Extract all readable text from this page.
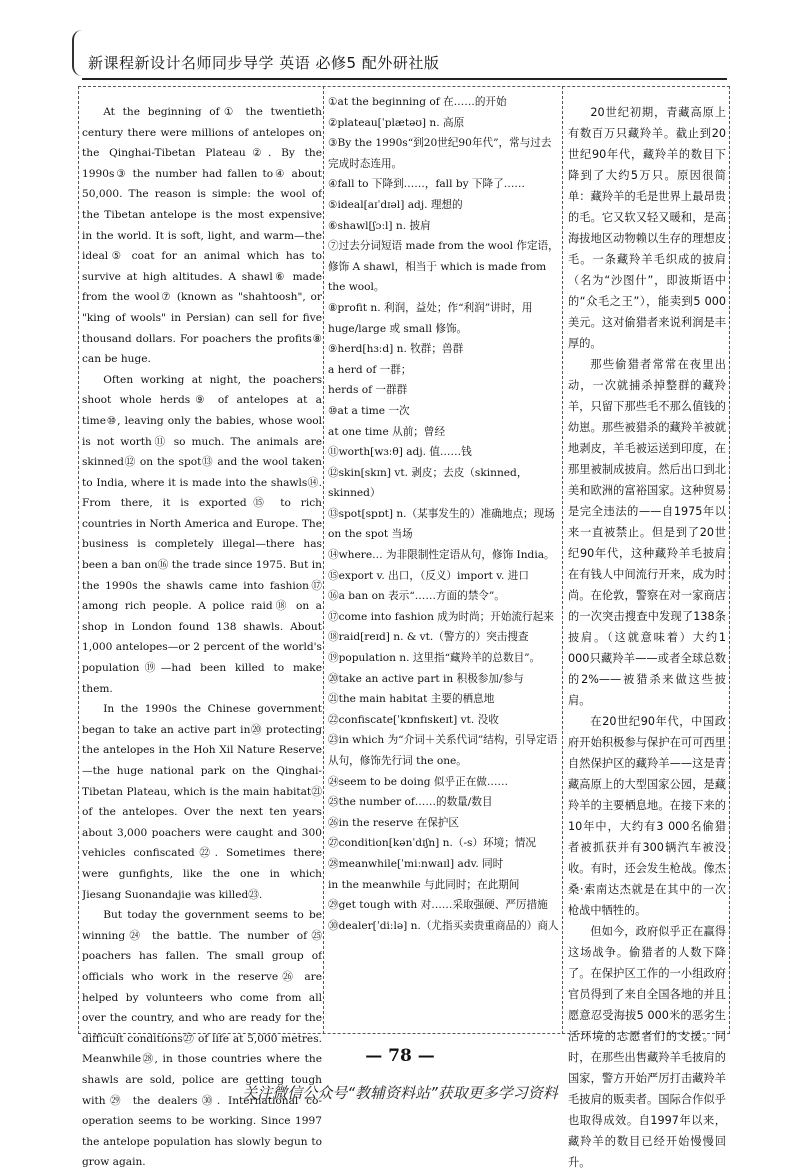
新课程新设计名师同步导学 英语 必修5 配外研社版

At the beginning of① the twentieth century there were millions of antelopes on the Qinghai-Tibetan Plateau②. By the 1990s③ the number had fallen to④ about 50,000. The reason is simple: the wool of the Tibetan antelope is the most expensive in the world. It is soft, light, and warm—the ideal⑤ coat for an animal which has to survive at high altitudes. A shawl⑥ made from the wool⑦ (known as "shahtoosh", or "king of wools" in Persian) can sell for five thousand dollars. For poachers the profits⑧ can be huge.

Often working at night, the poachers shoot whole herds⑨ of antelopes at a time⑩, leaving only the babies, whose wool is not worth⑪ so much. The animals are skinned⑫ on the spot⑬ and the wool taken to India, where it is made into the shawls⑭. From there, it is exported⑮ to rich countries in North America and Europe. The business is completely illegal—there has been a ban on⑯ the trade since 1975. But in the 1990s the shawls came into fashion⑰ among rich people. A police raid⑱ on a shop in London found 138 shawls. About 1,000 antelopes—or 2 percent of the world's population⑲—had been killed to make them.

In the 1990s the Chinese government began to take an active part in⑳ protecting the antelopes in the Hoh Xil Nature Reserve—the huge national park on the Qinghai-Tibetan Plateau, which is the main habitat㉑ of the antelopes. Over the next ten years about 3,000 poachers were caught and 300 vehicles confiscated㉒. Sometimes there were gunfights, like the one in which Jiesang Suonandajie was killed㉓.

But today the government seems to be winning㉔ the battle. The number of㉕ poachers has fallen. The small group of officials who work in the reserve㉖ are helped by volunteers who come from all over the country, and who are ready for the difficult conditions㉗ of life at 5,000 metres. Meanwhile㉘, in those countries where the shawls are sold, police are getting tough with㉙ the dealers㉚. International co-operation seems to be working. Since 1997 the antelope population has slowly begun to grow again.

①at the beginning of 在……的开始
②plateau[ˈplætəʊ] n. 高原
③By the 1990s“到20世纪90年代”，常与过去完成时态连用。
④fall to 下降到……，fall by 下降了……
⑤ideal[aɪˈdɪəl] adj. 理想的
⑥shawl[ʃɔːl] n. 披肩
⑦过去分词短语 made from the wool 作定语，修饰 A shawl，相当于 which is made from the wool。
⑧profit n. 利润，益处；作“利润”讲时，用 huge/large 或 small 修饰。
⑨herd[hɜːd] n. 牧群；兽群
a herd of 一群；
herds of 一群群
⑩at a time 一次
at one time 从前；曾经
⑪worth[wɜːθ] adj. 值……钱
⑫skin[skɪn] vt. 剥皮；去皮（skinned，skinned）
⑬spot[spɒt] n.（某事发生的）准确地点；现场
on the spot 当场
⑭where… 为非限制性定语从句，修饰 India。
⑮export v. 出口，（反义）import v. 进口
⑯a ban on 表示“……方面的禁令”。
⑰come into fashion 成为时尚；开始流行起来
⑱raid[reɪd] n. & vt.（警方的）突击搜查
⑲population n. 这里指“藏羚羊的总数目”。
⑳take an active part in 积极参加/参与
㉑the main habitat 主要的栖息地
㉒confiscate[ˈkɒnfɪskeɪt] vt. 没收
㉓in which 为“介词＋关系代词”结构，引导定语从句，修饰先行词 the one。
㉔seem to be doing 似乎正在做……
㉕the number of……的数量/数目
㉖in the reserve 在保护区
㉗condition[kənˈdɪʃn] n.（-s）环境；情况
㉘meanwhile[ˈmiːnwaɪl] adv. 同时
in the meanwhile 与此同时；在此期间
㉙get tough with 对……采取强硬、严厉措施
㉚dealer[ˈdiːlə] n.（尤指买卖贵重商品的）商人

20世纪初期，青藏高原上有数百万只藏羚羊。截止到20世纪90年代，藏羚羊的数目下降到了大约5万只。原因很简单：藏羚羊的毛是世界上最昂贵的毛。它又软又轻又暖和，是高海拔地区动物赖以生存的理想皮毛。一条藏羚羊毛织成的披肩（名为“沙图什”，即波斯语中的“众毛之王”），能卖到5 000美元。这对偷猎者来说利润是丰厚的。

那些偷猎者常常在夜里出动，一次就捕杀掉整群的藏羚羊，只留下那些毛不那么值钱的幼崽。那些被猎杀的藏羚羊被就地剥皮，羊毛被运送到印度，在那里被制成披肩。然后出口到北美和欧洲的富裕国家。这种贸易是完全违法的——自1975年以来一直被禁止。但是到了20世纪90年代，这种藏羚羊毛披肩在有钱人中间流行开来，成为时尚。在伦敦，警察在对一家商店的一次突击搜查中发现了138条披肩。（这就意味着）大约1 000只藏羚羊——或者全球总数的2%——被猎杀来做这些披肩。

在20世纪90年代，中国政府开始积极参与保护在可可西里自然保护区的藏羚羊——这是青藏高原上的大型国家公园，是藏羚羊的主要栖息地。在接下来的10年中，大约有3 000名偷猎者被抓获并有300辆汽车被没收。有时，还会发生枪战。像杰桑·索南达杰就是在其中的一次枪战中牺牲的。

但如今，政府似乎正在赢得这场战争。偷猎者的人数下降了。在保护区工作的一小组政府官员得到了来自全国各地的并且愿意忍受海拔5 000米的恶劣生活环境的志愿者们的支援。同时，在那些出售藏羚羊毛披肩的国家，警方开始严厉打击藏羚羊毛披肩的贩卖者。国际合作似乎也取得成效。自1997年以来，藏羚羊的数目已经开始慢慢回升。

— 78 —
关注微信公众号“教辅资料站”获取更多学习资料
